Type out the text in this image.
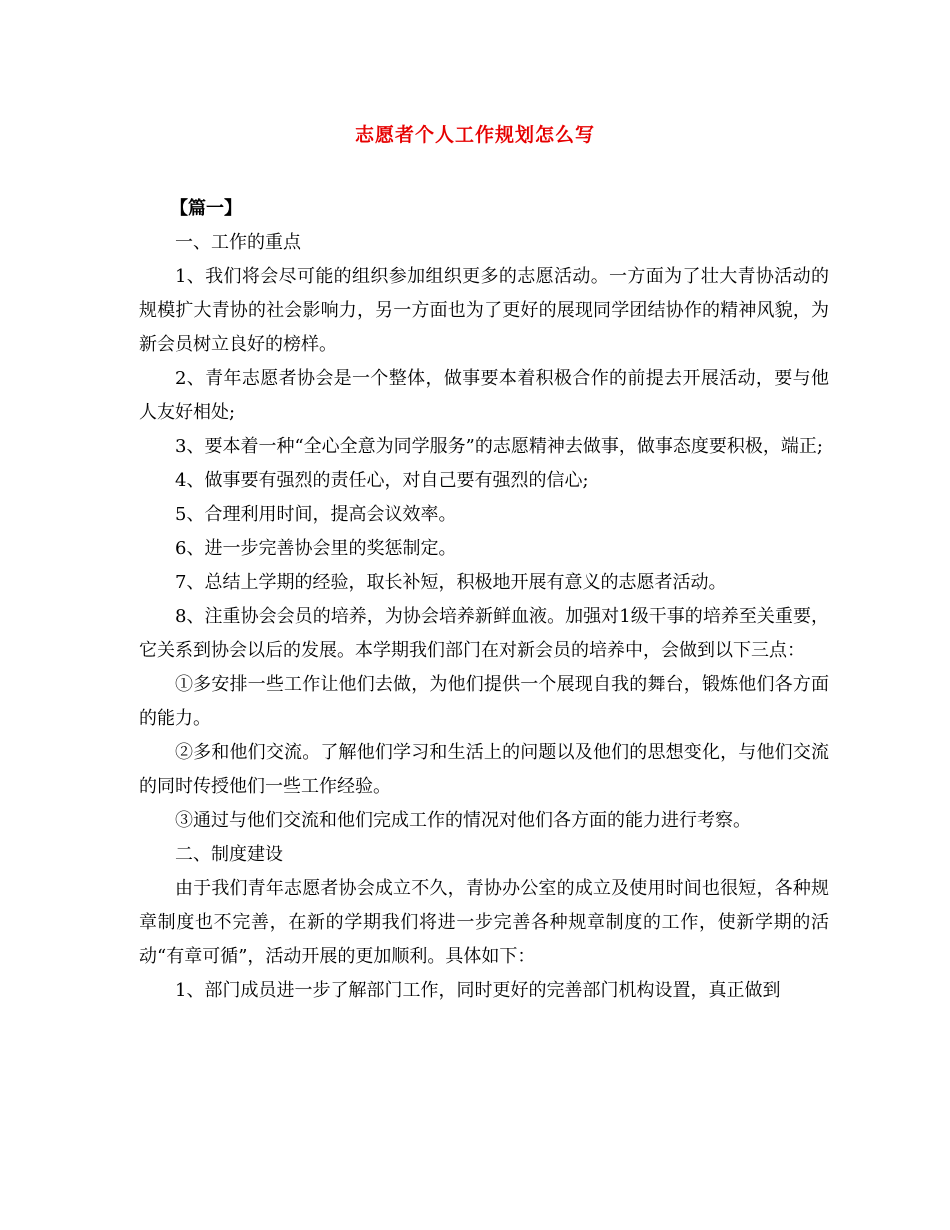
志愿者个人工作规划怎么写
【篇一】

一、工作的重点

1、我们将会尽可能的组织参加组织更多的志愿活动。一方面为了壮大青协活动的规模扩大青协的社会影响力，另一方面也为了更好的展现同学团结协作的精神风貌，为新会员树立良好的榜样。

2、青年志愿者协会是一个整体，做事要本着积极合作的前提去开展活动，要与他人友好相处;

3、要本着一种“全心全意为同学服务”的志愿精神去做事，做事态度要积极，端正;

4、做事要有强烈的责任心，对自己要有强烈的信心;

5、合理利用时间，提高会议效率。

6、进一步完善协会里的奖惩制定。

7、总结上学期的经验，取长补短，积极地开展有意义的志愿者活动。

8、注重协会会员的培养，为协会培养新鲜血液。加强对1级干事的培养至关重要，它关系到协会以后的发展。本学期我们部门在对新会员的培养中，会做到以下三点：

①多安排一些工作让他们去做，为他们提供一个展现自我的舞台，锻炼他们各方面的能力。

②多和他们交流。了解他们学习和生活上的问题以及他们的思想变化，与他们交流的同时传授他们一些工作经验。

③通过与他们交流和他们完成工作的情况对他们各方面的能力进行考察。

二、制度建设

由于我们青年志愿者协会成立不久，青协办公室的成立及使用时间也很短，各种规章制度也不完善，在新的学期我们将进一步完善各种规章制度的工作，使新学期的活动“有章可循”，活动开展的更加顺利。具体如下：

1、部门成员进一步了解部门工作，同时更好的完善部门机构设置，真正做到
